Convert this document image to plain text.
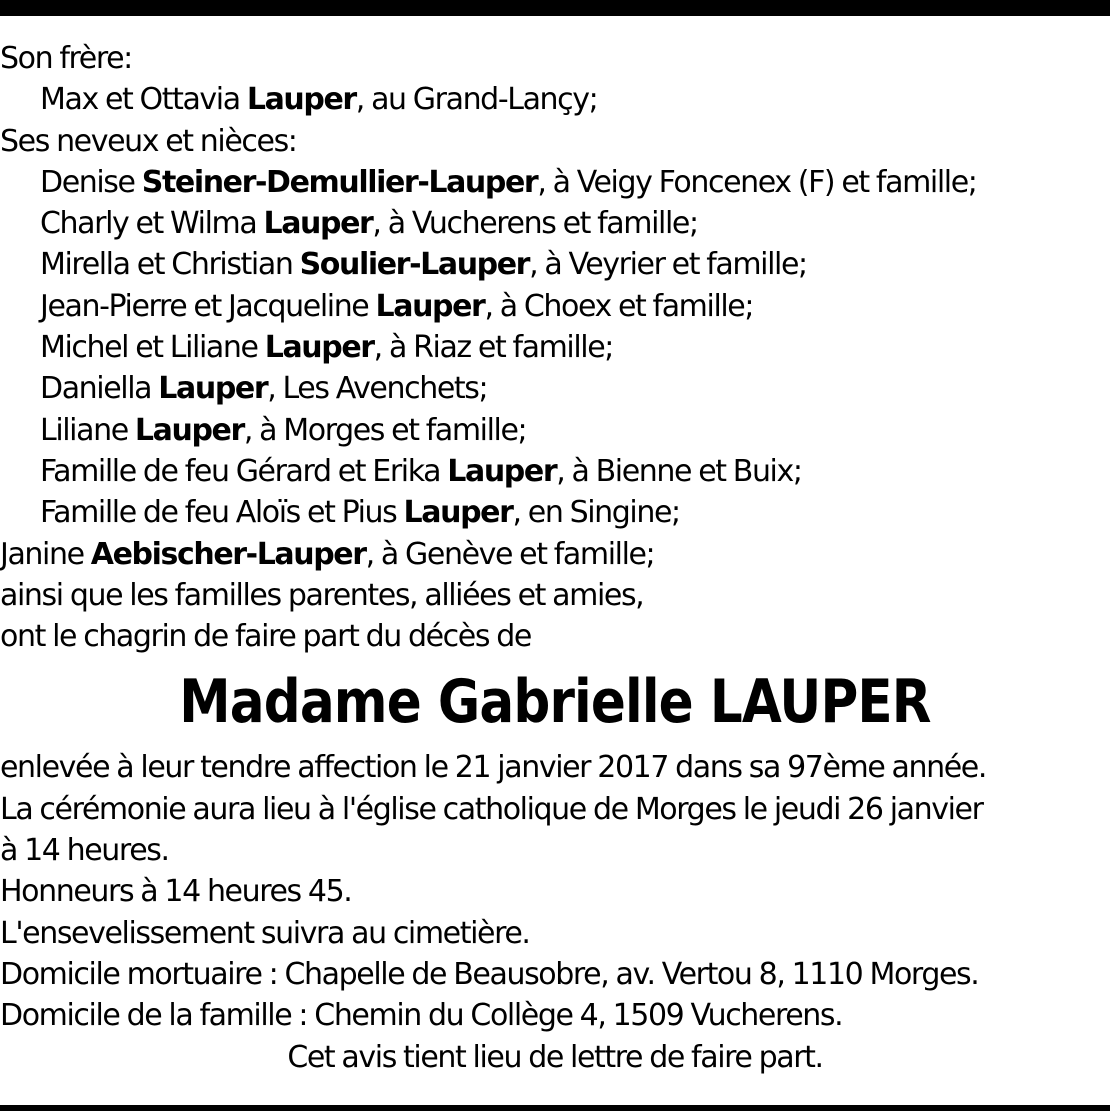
Son frère:
Max et Ottavia Lauper, au Grand-Lançy;
Ses neveux et nièces:
Denise Steiner-Demullier-Lauper, à Veigy Foncenex (F) et famille;
Charly et Wilma Lauper, à Vucherens et famille;
Mirella et Christian Soulier-Lauper, à Veyrier et famille;
Jean-Pierre et Jacqueline Lauper, à Choex et famille;
Michel et Liliane Lauper, à Riaz et famille;
Daniella Lauper, Les Avenchets;
Liliane Lauper, à Morges et famille;
Famille de feu Gérard et Erika Lauper, à Bienne et Buix;
Famille de feu Aloïs et Pius Lauper, en Singine;
Janine Aebischer-Lauper, à Genève et famille;
ainsi que les familles parentes, alliées et amies,
ont le chagrin de faire part du décès de
Madame Gabrielle LAUPER
enlevée à leur tendre affection le 21 janvier 2017 dans sa 97ème année.
La cérémonie aura lieu à l'église catholique de Morges le jeudi 26 janvier
à 14 heures.
Honneurs à 14 heures 45.
L'ensevelissement suivra au cimetière.
Domicile mortuaire : Chapelle de Beausobre, av. Vertou 8, 1110 Morges.
Domicile de la famille : Chemin du Collège 4, 1509 Vucherens.
Cet avis tient lieu de lettre de faire part.
